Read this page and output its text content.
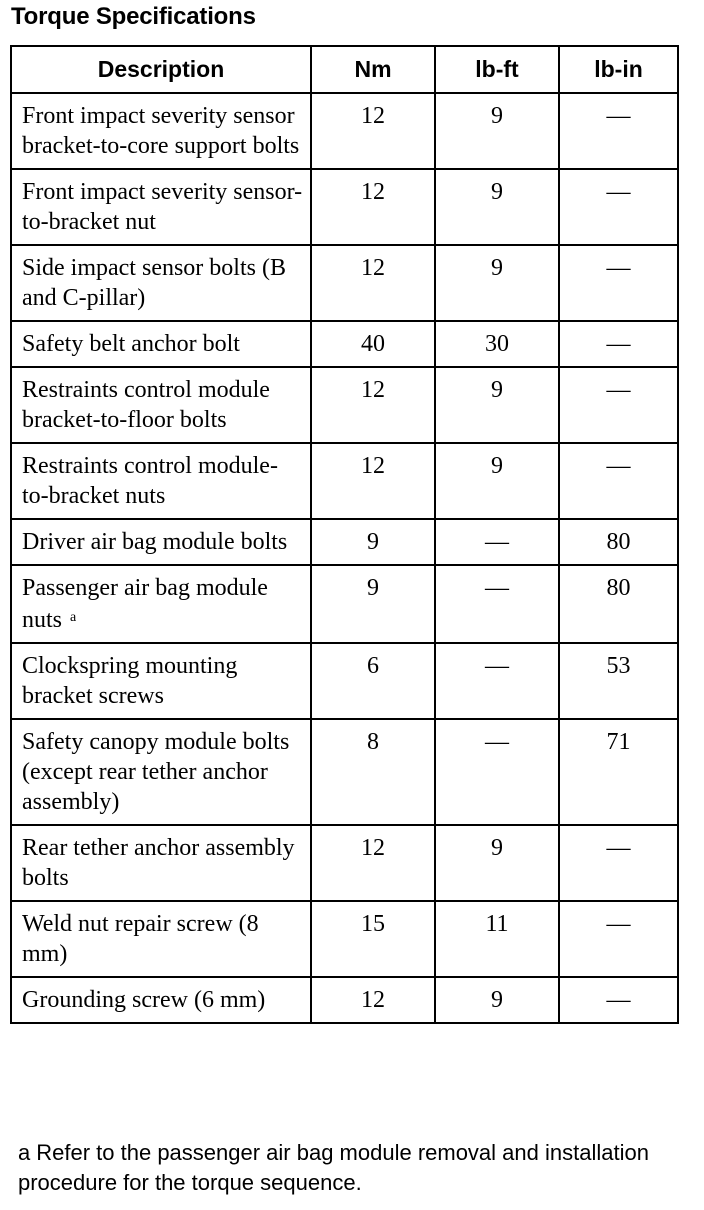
Torque Specifications
Description	Nm	lb-ft	lb-in
Front impact severity sensor bracket-to-core support bolts	12	9	—
Front impact severity sensor-to-bracket nut	12	9	—
Side impact sensor bolts (B and C-pillar)	12	9	—
Safety belt anchor bolt	40	30	—
Restraints control module bracket-to-floor bolts	12	9	—
Restraints control module-to-bracket nuts	12	9	—
Driver air bag module bolts	9	—	80
Passenger air bag module nuts $^a$	9	—	80
Clockspring mounting bracket screws	6	—	53
Safety canopy module bolts (except rear tether anchor assembly)	8	—	71
Rear tether anchor assembly bolts	12	9	—
Weld nut repair screw (8 mm)	15	11	—
Grounding screw (6 mm)	12	9	—
a Refer to the passenger air bag module removal and installation procedure for the torque sequence.
